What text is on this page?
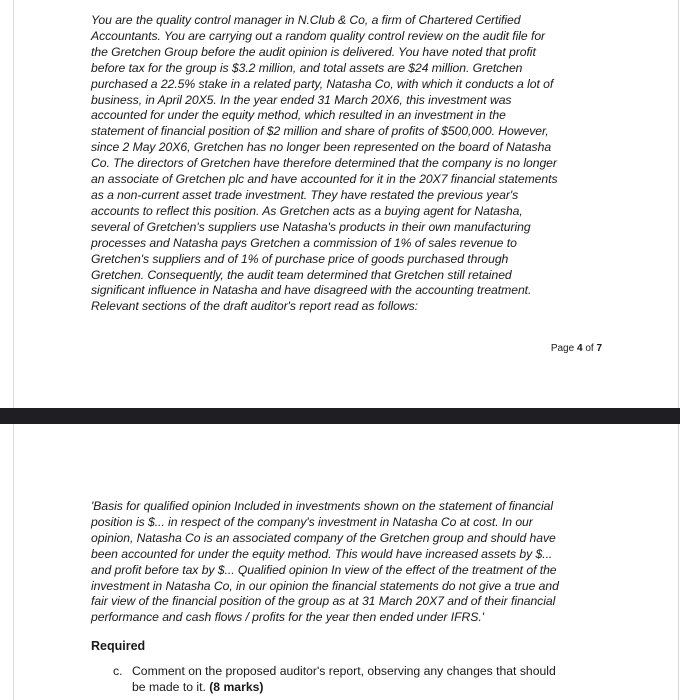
You are the quality control manager in N.Club & Co, a firm of Chartered Certified
Accountants. You are carrying out a random quality control review on the audit file for
the Gretchen Group before the audit opinion is delivered. You have noted that profit
before tax for the group is $3.2 million, and total assets are $24 million. Gretchen
purchased a 22.5% stake in a related party, Natasha Co, with which it conducts a lot of
business, in April 20X5. In the year ended 31 March 20X6, this investment was
accounted for under the equity method, which resulted in an investment in the
statement of financial position of $2 million and share of profits of $500,000. However,
since 2 May 20X6, Gretchen has no longer been represented on the board of Natasha
Co. The directors of Gretchen have therefore determined that the company is no longer
an associate of Gretchen plc and have accounted for it in the 20X7 financial statements
as a non-current asset trade investment. They have restated the previous year's
accounts to reflect this position. As Gretchen acts as a buying agent for Natasha,
several of Gretchen's suppliers use Natasha's products in their own manufacturing
processes and Natasha pays Gretchen a commission of 1% of sales revenue to
Gretchen's suppliers and of 1% of purchase price of goods purchased through
Gretchen. Consequently, the audit team determined that Gretchen still retained
significant influence in Natasha and have disagreed with the accounting treatment.
Relevant sections of the draft auditor's report read as follows:

Page 4 of 7

'Basis for qualified opinion Included in investments shown on the statement of financial
position is $... in respect of the company's investment in Natasha Co at cost. In our
opinion, Natasha Co is an associated company of the Gretchen group and should have
been accounted for under the equity method. This would have increased assets by $...
and profit before tax by $... Qualified opinion In view of the effect of the treatment of the
investment in Natasha Co, in our opinion the financial statements do not give a true and
fair view of the financial position of the group as at 31 March 20X7 and of their financial
performance and cash flows / profits for the year then ended under IFRS.'

Required

c. Comment on the proposed auditor's report, observing any changes that should
be made to it. (8 marks)
